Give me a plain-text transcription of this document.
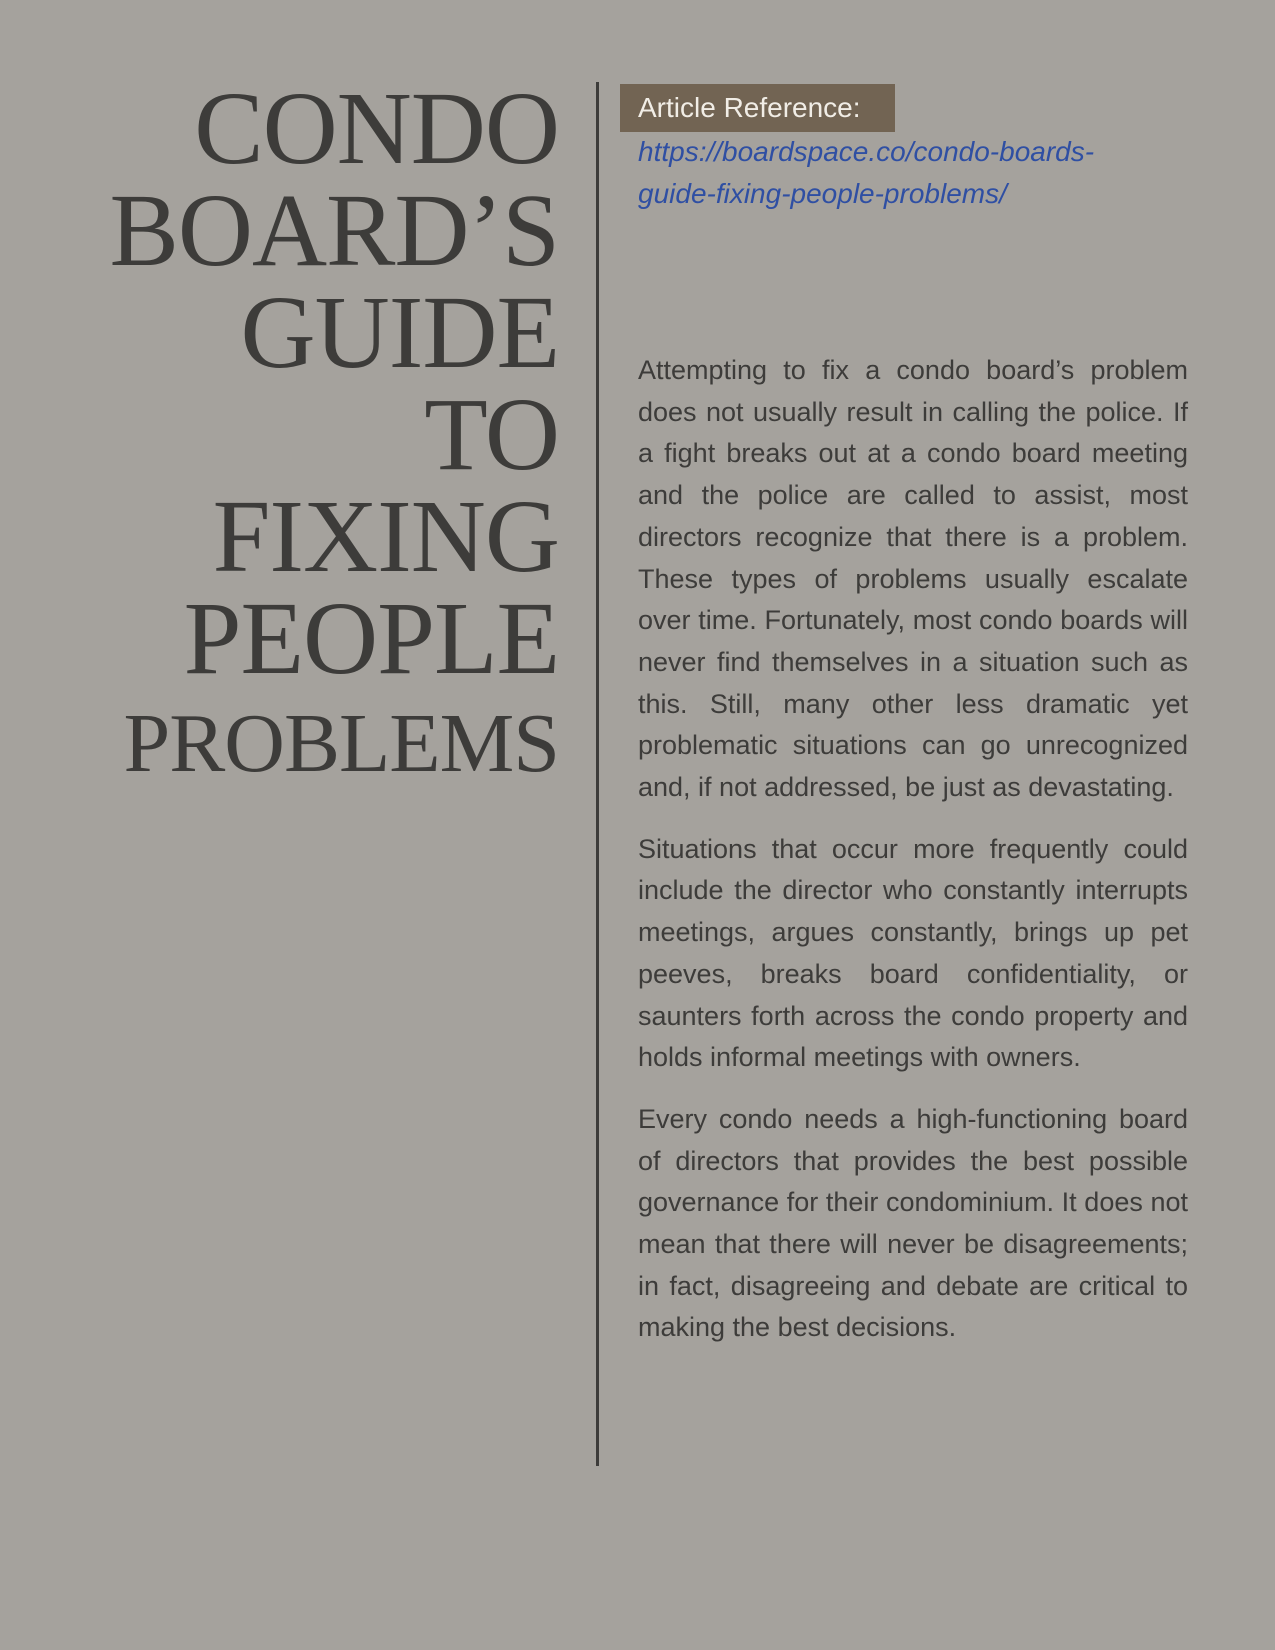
CONDO
BOARD’S
GUIDE
TO
FIXING
PEOPLE
PROBLEMS
Article Reference:
https://boardspace.co/condo-boards-guide-fixing-people-problems/

Attempting to fix a condo board’s problem does not usually result in calling the police. If a fight breaks out at a condo board meeting and the police are called to assist, most directors recognize that there is a problem. These types of problems usually escalate over time. Fortunately, most condo boards will never find themselves in a situation such as this. Still, many other less dramatic yet problematic situations can go unrecognized and, if not addressed, be just as devastating.

Situations that occur more frequently could include the director who constantly interrupts meetings, argues constantly, brings up pet peeves, breaks board confidentiality, or saunters forth across the condo property and holds informal meetings with owners.

Every condo needs a high-functioning board of directors that provides the best possible governance for their condominium. It does not mean that there will never be disagreements; in fact, disagreeing and debate are critical to making the best decisions.
